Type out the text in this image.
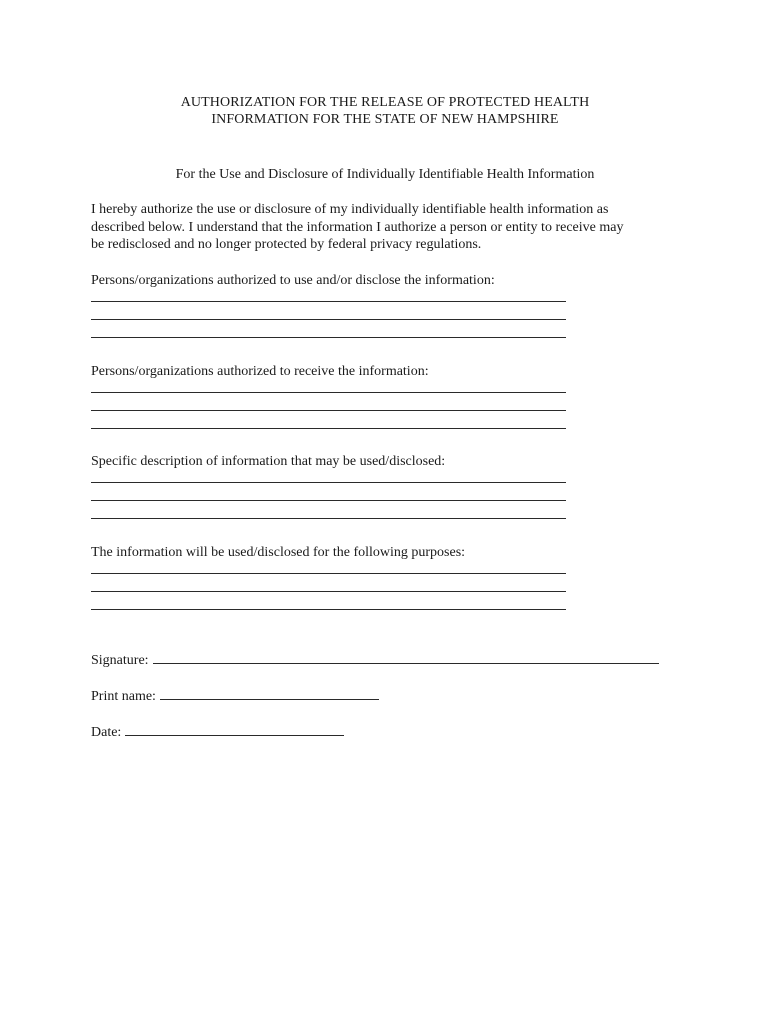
AUTHORIZATION FOR THE RELEASE OF PROTECTED HEALTH
INFORMATION FOR THE STATE OF NEW HAMPSHIRE
For the Use and Disclosure of Individually Identifiable Health Information
I hereby authorize the use or disclosure of my individually identifiable health information as
described below. I understand that the information I authorize a person or entity to receive may
be redisclosed and no longer protected by federal privacy regulations.
Persons/organizations authorized to use and/or disclose the information:
Persons/organizations authorized to receive the information:
Specific description of information that may be used/disclosed:
The information will be used/disclosed for the following purposes:
Signature:
Print name:
Date:
